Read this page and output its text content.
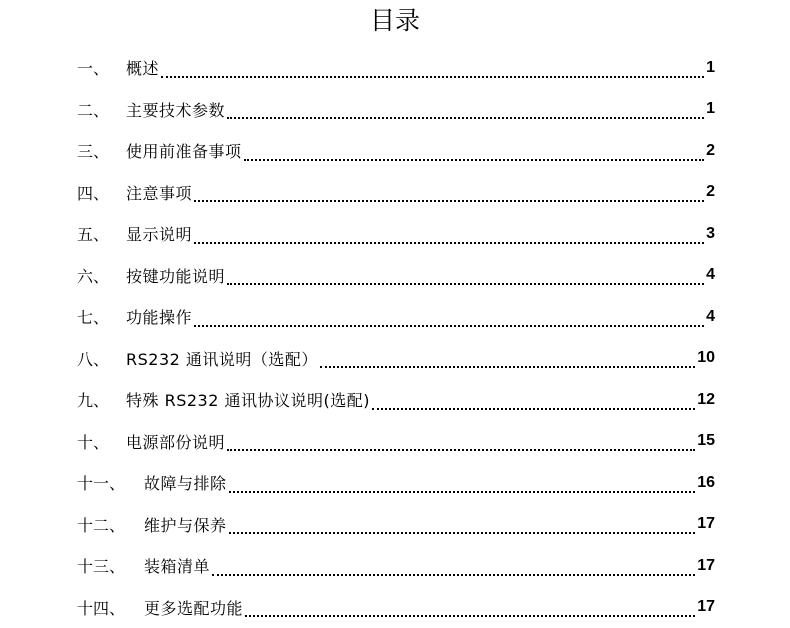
目录
一、	概述	1
二、	主要技术参数	1
三、	使用前准备事项	2
四、	注意事项	2
五、	显示说明	3
六、	按键功能说明	4
七、	功能操作	4
八、	RS232 通讯说明（选配）	10
九、	特殊 RS232 通讯协议说明(选配)	12
十、	电源部份说明	15
十一、	故障与排除	16
十二、	维护与保养	17
十三、	装箱清单	17
十四、	更多选配功能	17
